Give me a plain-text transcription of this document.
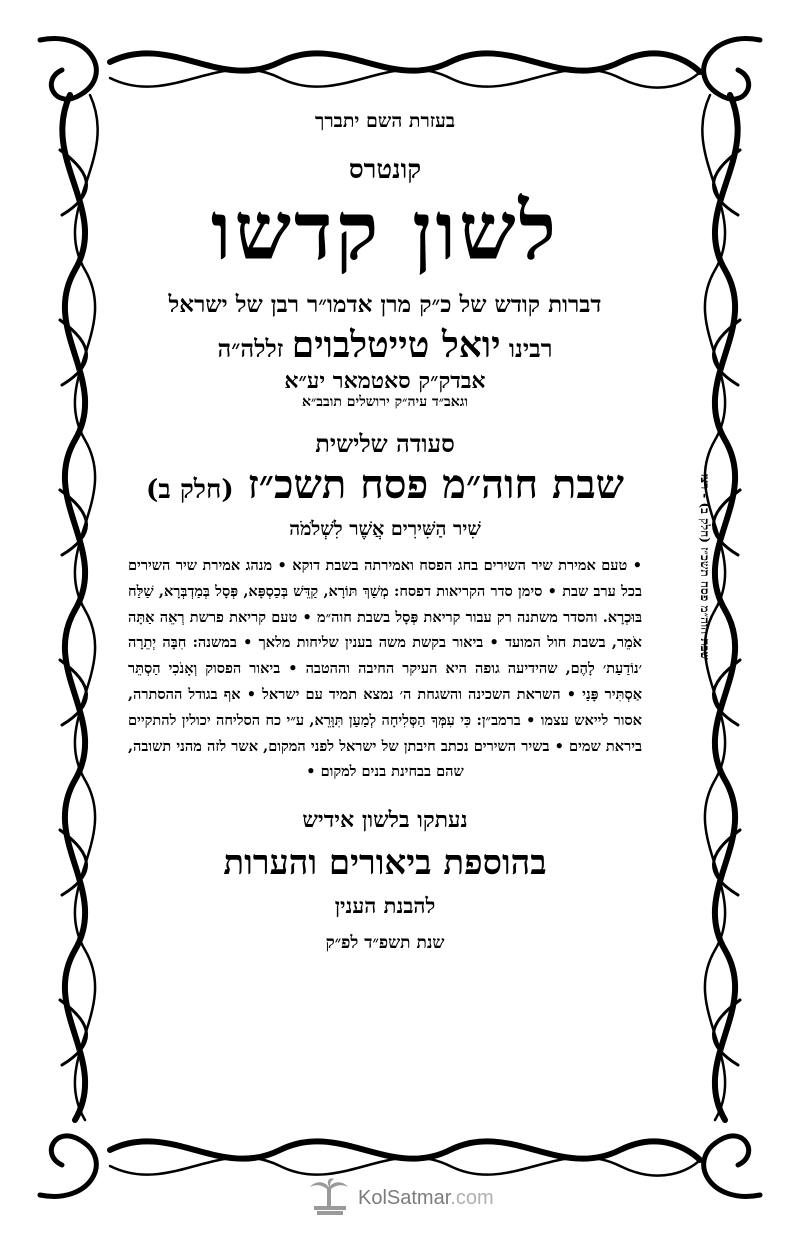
בעזרת השם יתברך
קונטרס
לשון קדשו
דברות קודש של כ״ק מרן אדמו״ר רבן של ישראל
רבינו יואל טייטלבוים זללה״ה
אבדק״ק סאטמאר יע״א
וגאב״ד עיה״ק ירושלים תובב״א
סעודה שלישית
שבת חוה״מ פסח תשכ״ז (חלק ב)
שִׁיר הַשִּׁירִים אֲשֶׁר לִשְׁלֹמֹה
• טעם אמירת שיר השירים בחג הפסח ואמירתה בשבת דוקא • מנהג אמירת שיר השירים בכל ערב שבת • סימן סדר הקריאות דפסח: מְשַׁךְ תּוֹרָא, קַדֵּשׁ בְּכַסְפָּא, פְּסָל בְּמַדְבְּרָא, שַׁלַּח בּוּכְרָא. והסדר משתנה רק עבור קריאת פְּסָל בשבת חוה״מ • טעם קריאת פרשת רְאֵה אַתָּה אֹמֵר, בשבת חול המועד • ביאור בקשת משה בענין שליחות מלאך • במשנה: חִבָּה יְתֵרָה ׳נוֹדַעַת׳ לָהֶם, שהידיעה גופה היא העיקר החיבה וההטבה • ביאור הפסוק וְאָנֹכִי הַסְתֵּר אַסְתִּיר פָּנַי • השראת השכינה והשגחת ה׳ נמצא תמיד עם ישראל • אף בגודל ההסתרה, אסור לייאש עצמו • ברמב״ן: כִּי עִמְּךָ הַסְּלִיחָה לְמַעַן תִּוָּרֵא, ע״י כח הסליחה יכולין להתקיים ביראת שמים • בשיר השירים נכתב חיבתן של ישראל לפני המקום, אשר לזה מהני תשובה, שהם בבחינת בנים למקום •
נעתקו בלשון אידיש
בהוספת ביאורים והערות
להבנת הענין
שנת תשפ״ד לפ״ק
שבת חוה״מ פסח תשכ״ז (חלק ב) - רצז
KolSatmar.com
